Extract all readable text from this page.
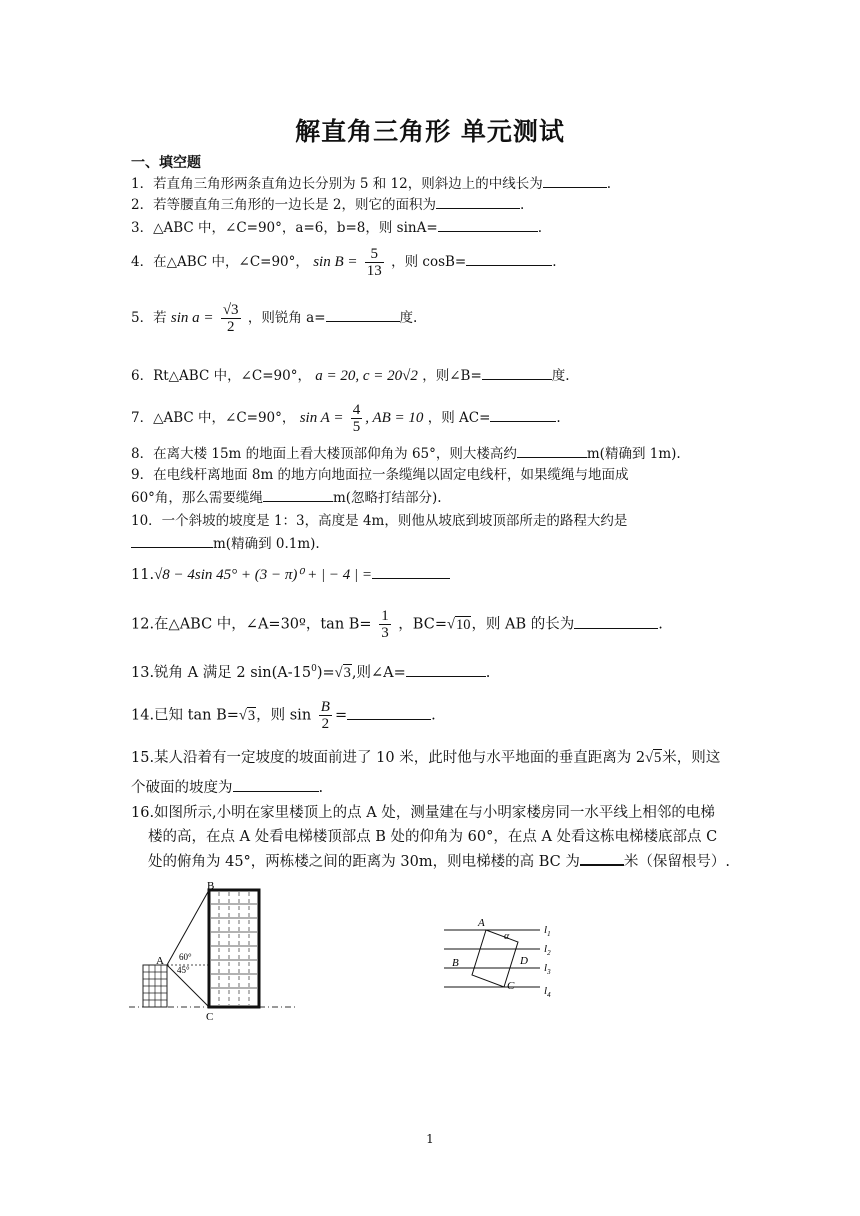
解直角三角形 单元测试
一、填空题
1．若直角三角形两条直角边长分别为 5 和 12，则斜边上的中线长为	.
2．若等腰直角三角形的一边长是 2，则它的面积为	.
3．△ABC 中，∠C=90°，a=6，b=8，则 sinA=	.
4．在△ABC 中，∠C=90°， $\sin B = \frac{5}{13}$ ，则 cosB=	.
5．若 $\sin a = \frac{√3}{2}$ ，则锐角 a=	度.
6．Rt△ABC 中，∠C=90°， a = 20, c = 20√2 ，则∠B=	度.
7．△ABC 中，∠C=90°， $\sin A = \frac{4}{5}$ , AB = 10 ，则 AC=	.
8．在离大楼 15m 的地面上看大楼顶部仰角为 65°，则大楼高约	m(精确到 1m).
9．在电线杆离地面 8m 的地方向地面拉一条缆绳以固定电线杆，如果缆绳与地面成
60°角，那么需要缆绳	m(忽略打结部分).
10．一个斜坡的坡度是 1：3，高度是 4m，则他从坡底到坡顶部所走的路程大约是
m(精确到 0.1m).
11.√8 − 4sin 45° + (3 − π)⁰ + | − 4 | =
12.在△ABC 中，∠A=30º，$\tan B= \frac{1}{3}$ ，BC=√10，则 AB 的长为	.
13.锐角 A 满足 2 $\sin(A-15^0)=√3$,则∠A=	.
14.已知 tan B=√3，则 $\sin \frac{B}{2}$ =	.
15.某人沿着有一定坡度的坡面前进了 10 米，此时他与水平地面的垂直距离为 2√5米，则这
个破面的坡度为	.
16.如图所示,小明在家里楼顶上的点 A 处，测量建在与小明家楼房同一水平线上相邻的电梯
楼的高，在点 A 处看电梯楼顶部点 B 处的仰角为 60°，在点 A 处看这栋电梯楼底部点 C
处的俯角为 45°，两栋楼之间的距离为 30m，则电梯楼的高 BC 为	米（保留根号）.
B
A
C
60°
45°
A
B
C
D
α
$l_1$
$l_2$
$l_3$
$l_4$
1
